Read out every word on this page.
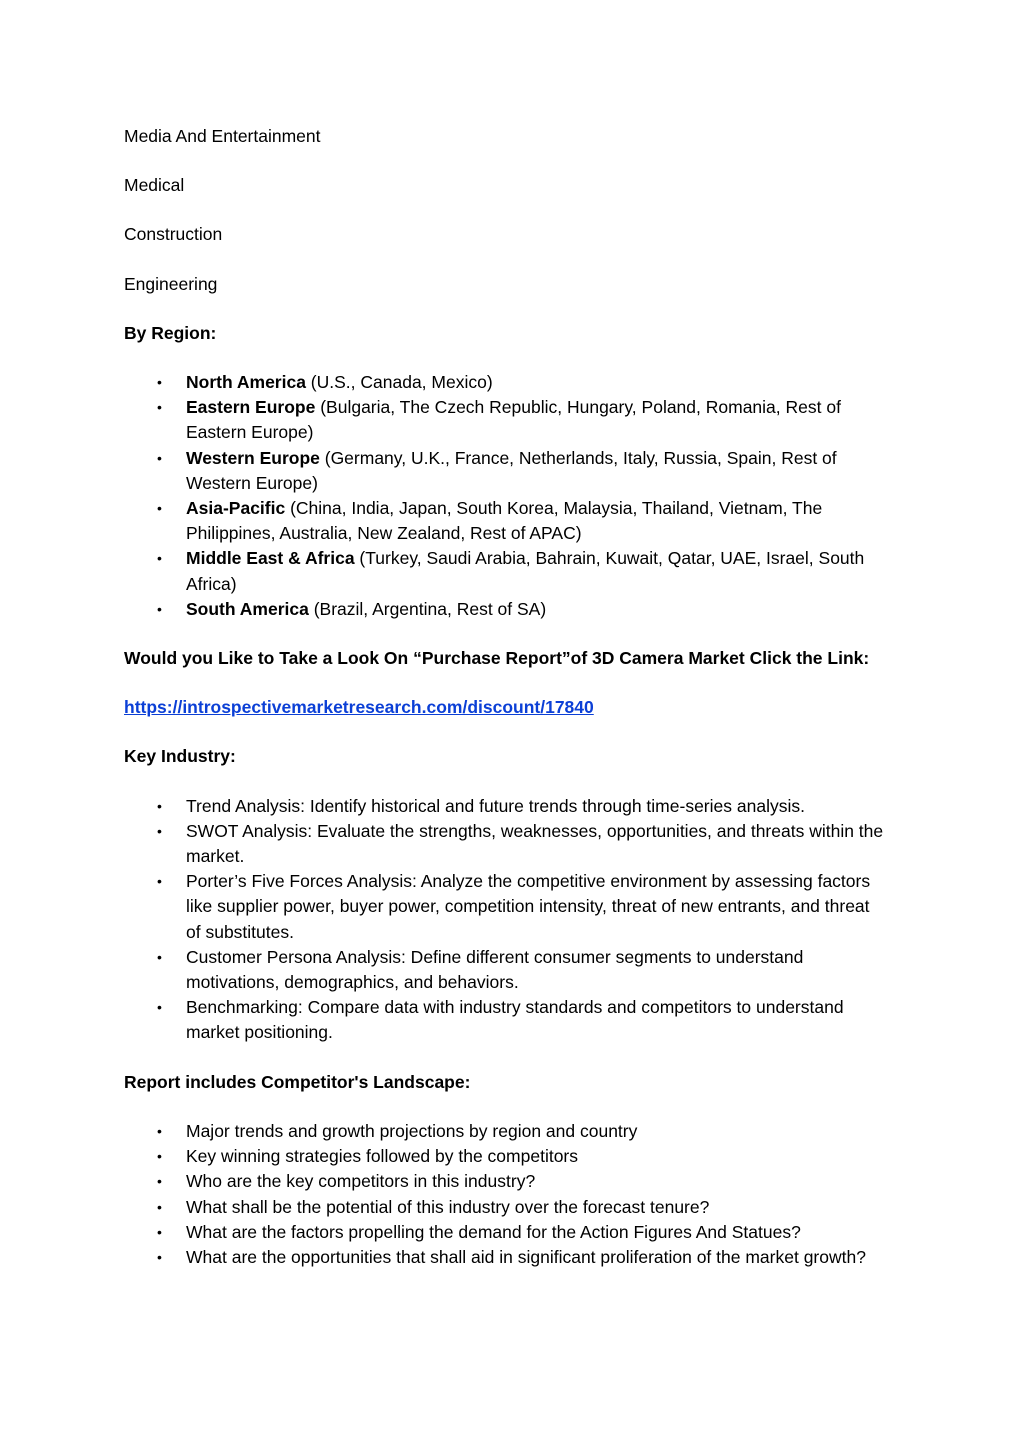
Media And Entertainment

Medical

Construction

Engineering

By Region:

• North America (U.S., Canada, Mexico)
• Eastern Europe (Bulgaria, The Czech Republic, Hungary, Poland, Romania, Rest of Eastern Europe)
• Western Europe (Germany, U.K., France, Netherlands, Italy, Russia, Spain, Rest of Western Europe)
• Asia-Pacific (China, India, Japan, South Korea, Malaysia, Thailand, Vietnam, The Philippines, Australia, New Zealand, Rest of APAC)
• Middle East & Africa (Turkey, Saudi Arabia, Bahrain, Kuwait, Qatar, UAE, Israel, South Africa)
• South America (Brazil, Argentina, Rest of SA)

Would you Like to Take a Look On “Purchase Report”of 3D Camera Market Click the Link:

https://introspectivemarketresearch.com/discount/17840

Key Industry:

• Trend Analysis: Identify historical and future trends through time-series analysis.
• SWOT Analysis: Evaluate the strengths, weaknesses, opportunities, and threats within the market.
• Porter’s Five Forces Analysis: Analyze the competitive environment by assessing factors like supplier power, buyer power, competition intensity, threat of new entrants, and threat of substitutes.
• Customer Persona Analysis: Define different consumer segments to understand motivations, demographics, and behaviors.
• Benchmarking: Compare data with industry standards and competitors to understand market positioning.

Report includes Competitor's Landscape:

• Major trends and growth projections by region and country
• Key winning strategies followed by the competitors
• Who are the key competitors in this industry?
• What shall be the potential of this industry over the forecast tenure?
• What are the factors propelling the demand for the Action Figures And Statues?
• What are the opportunities that shall aid in significant proliferation of the market growth?
